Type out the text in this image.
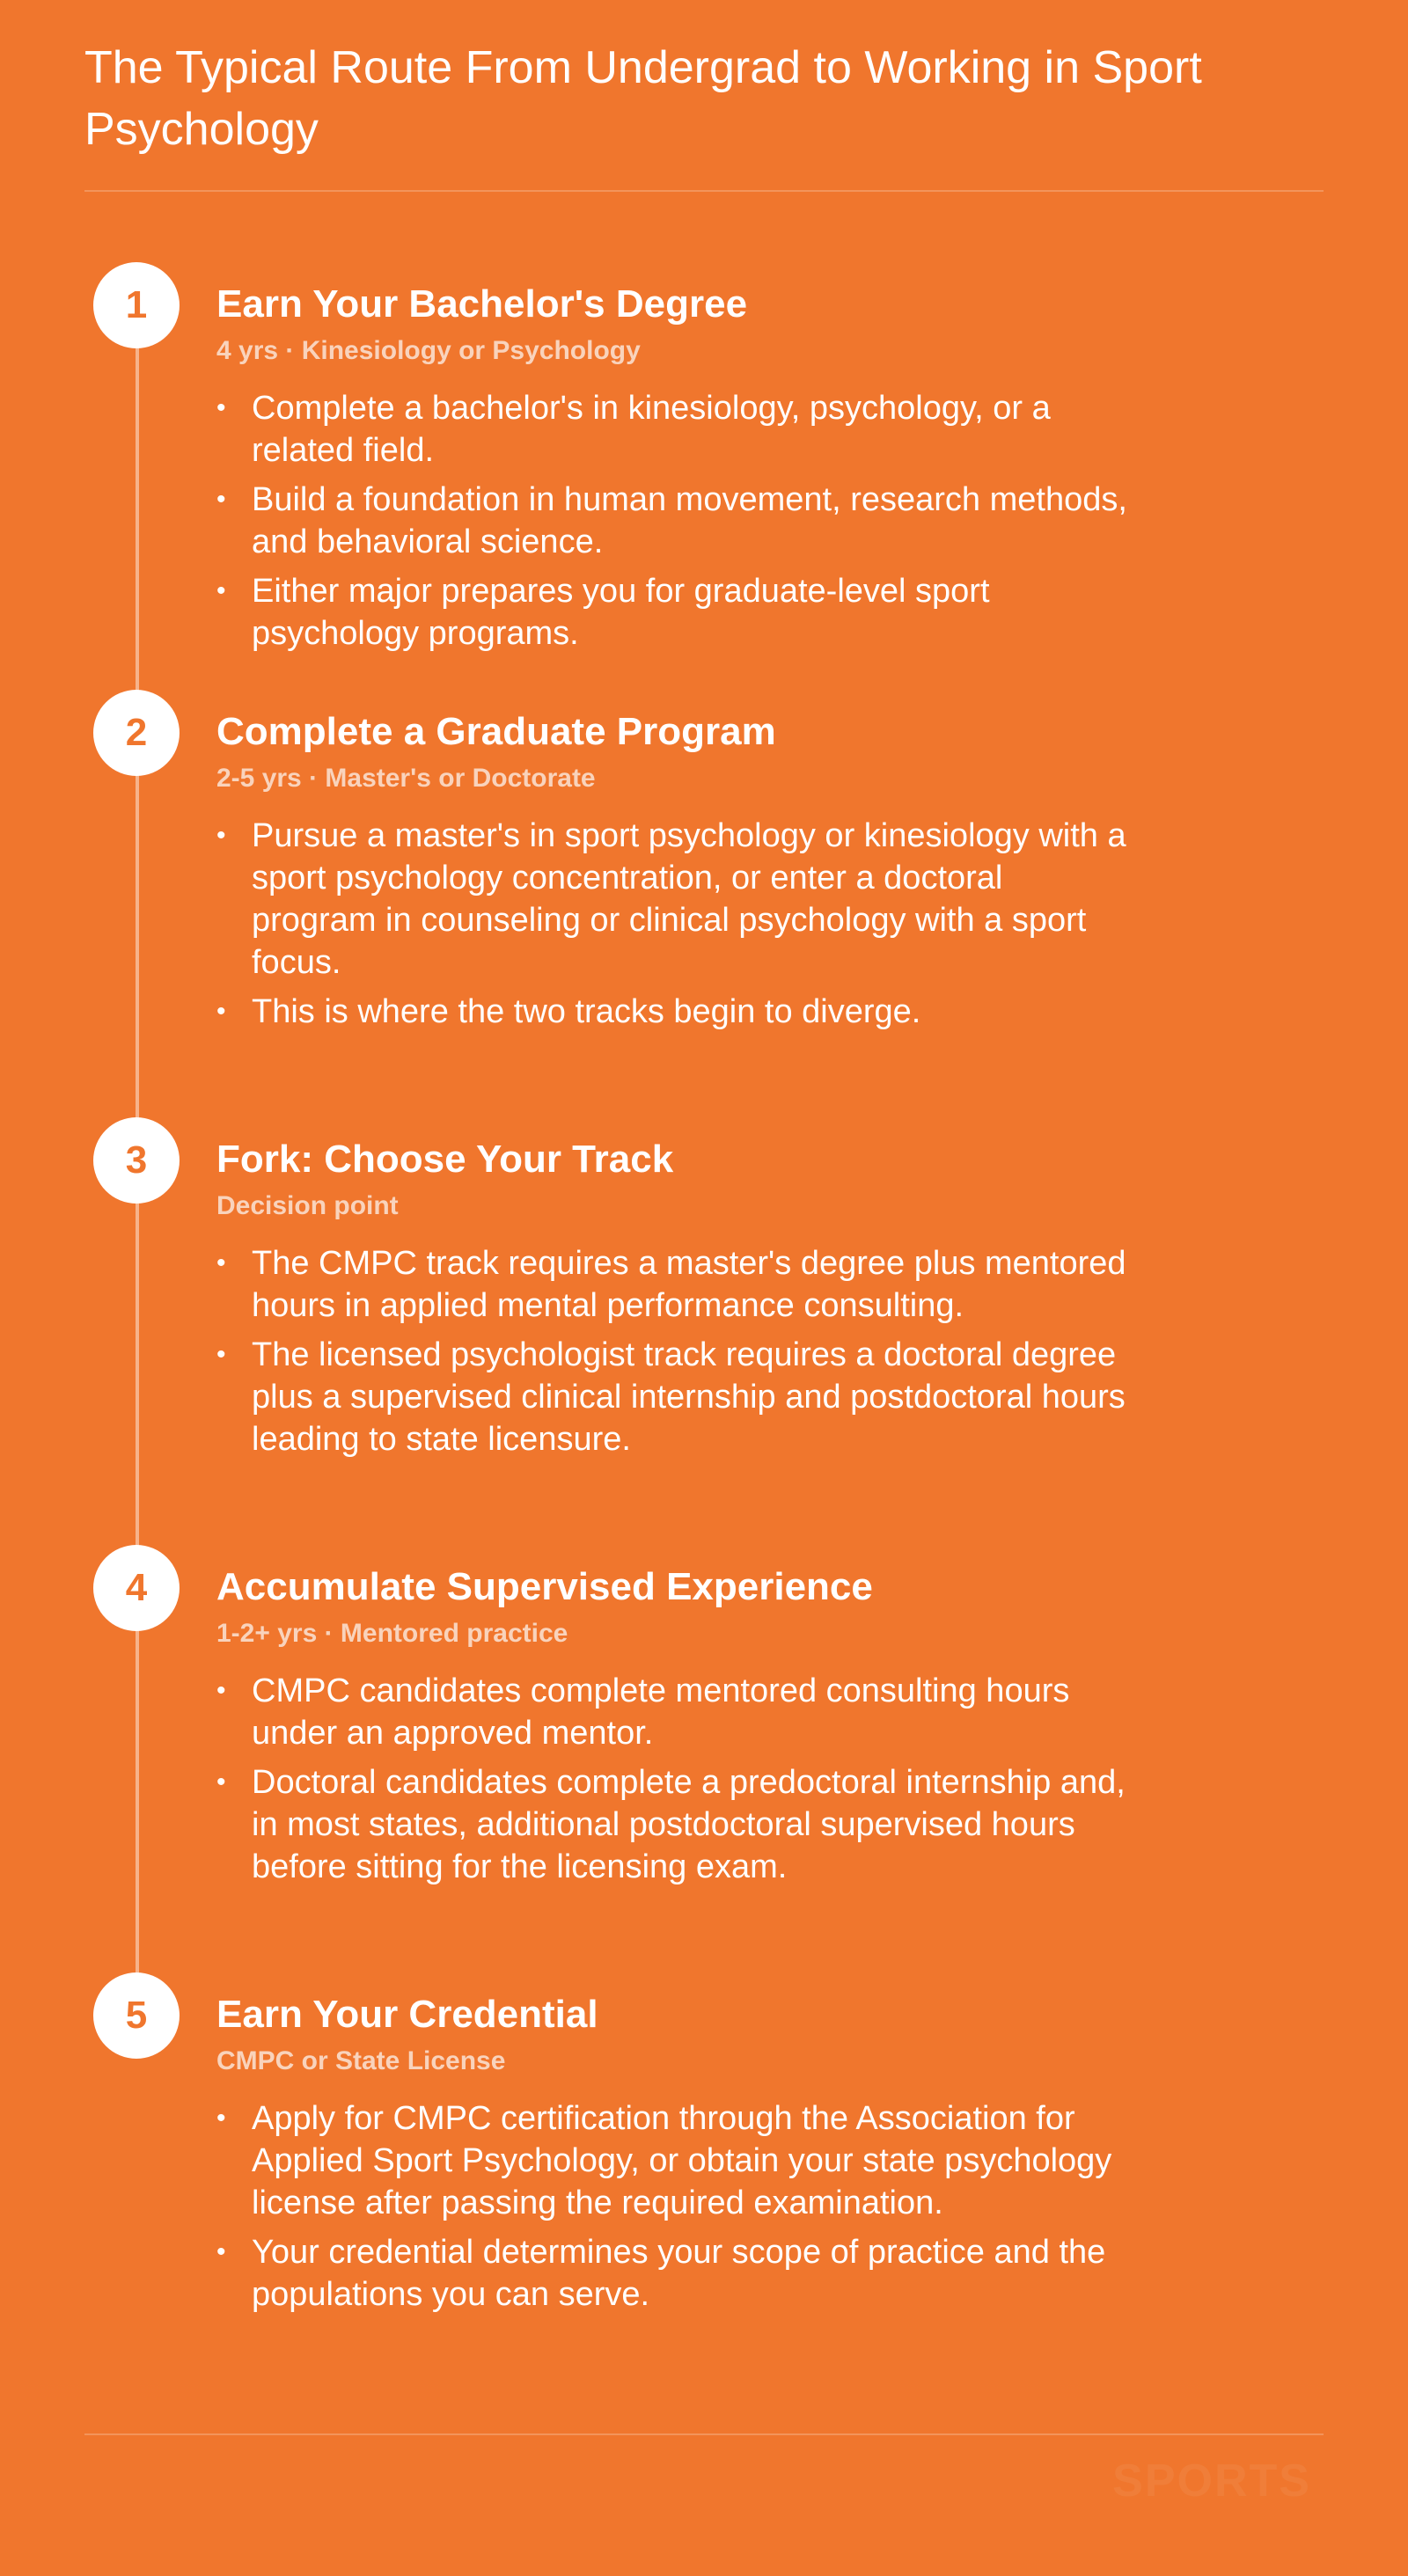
The Typical Route From Undergrad to Working in Sport Psychology
1	Earn Your Bachelor's Degree

4 yrs · Kinesiology or Psychology

• Complete a bachelor's in kinesiology, psychology, or a related field.
• Build a foundation in human movement, research methods, and behavioral science.
• Either major prepares you for graduate-level sport psychology programs.
2	Complete a Graduate Program

2-5 yrs · Master's or Doctorate

• Pursue a master's in sport psychology or kinesiology with a sport psychology concentration, or enter a doctoral program in counseling or clinical psychology with a sport focus.
• This is where the two tracks begin to diverge.
3	Fork: Choose Your Track

Decision point

• The CMPC track requires a master's degree plus mentored hours in applied mental performance consulting.
• The licensed psychologist track requires a doctoral degree plus a supervised clinical internship and postdoctoral hours leading to state licensure.
4	Accumulate Supervised Experience

1-2+ yrs · Mentored practice

• CMPC candidates complete mentored consulting hours under an approved mentor.
• Doctoral candidates complete a predoctoral internship and, in most states, additional postdoctoral supervised hours before sitting for the licensing exam.
5	Earn Your Credential

CMPC or State License

• Apply for CMPC certification through the Association for Applied Sport Psychology, or obtain your state psychology license after passing the required examination.
• Your credential determines your scope of practice and the populations you can serve.
SPORTS
